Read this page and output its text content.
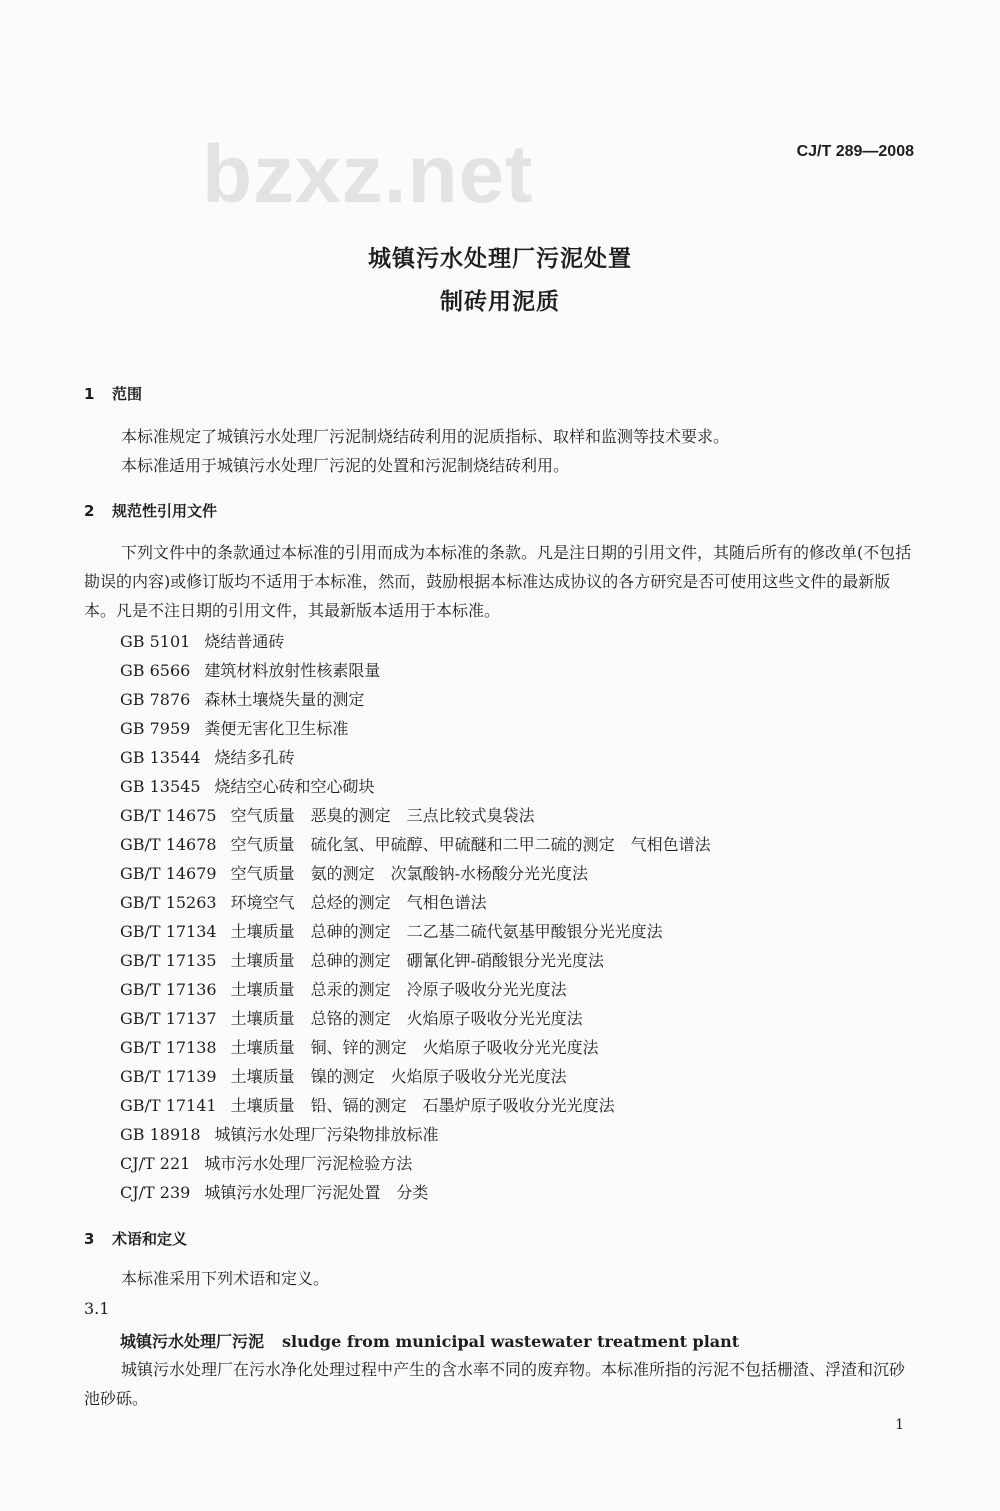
bzxz.net	CJ/T 289—2008
城镇污水处理厂污泥处置
制砖用泥质
1 范围
本标准规定了城镇污水处理厂污泥制烧结砖利用的泥质指标、取样和监测等技术要求。
本标准适用于城镇污水处理厂污泥的处置和污泥制烧结砖利用。
2 规范性引用文件
下列文件中的条款通过本标准的引用而成为本标准的条款。凡是注日期的引用文件，其随后所有的修改单(不包括勘误的内容)或修订版均不适用于本标准，然而，鼓励根据本标准达成协议的各方研究是否可使用这些文件的最新版本。凡是不注日期的引用文件，其最新版本适用于本标准。
GB 5101 烧结普通砖
GB 6566 建筑材料放射性核素限量
GB 7876 森林土壤烧失量的测定
GB 7959 粪便无害化卫生标准
GB 13544 烧结多孔砖
GB 13545 烧结空心砖和空心砌块
GB/T 14675 空气质量　恶臭的测定　三点比较式臭袋法
GB/T 14678 空气质量　硫化氢、甲硫醇、甲硫醚和二甲二硫的测定　气相色谱法
GB/T 14679 空气质量　氨的测定　次氯酸钠-水杨酸分光光度法
GB/T 15263 环境空气　总烃的测定　气相色谱法
GB/T 17134 土壤质量　总砷的测定　二乙基二硫代氨基甲酸银分光光度法
GB/T 17135 土壤质量　总砷的测定　硼氰化钾-硝酸银分光光度法
GB/T 17136 土壤质量　总汞的测定　冷原子吸收分光光度法
GB/T 17137 土壤质量　总铬的测定　火焰原子吸收分光光度法
GB/T 17138 土壤质量　铜、锌的测定　火焰原子吸收分光光度法
GB/T 17139 土壤质量　镍的测定　火焰原子吸收分光光度法
GB/T 17141 土壤质量　铅、镉的测定　石墨炉原子吸收分光光度法
GB 18918 城镇污水处理厂污染物排放标准
CJ/T 221 城市污水处理厂污泥检验方法
CJ/T 239 城镇污水处理厂污泥处置　分类
3 术语和定义
本标准采用下列术语和定义。
3.1
城镇污水处理厂污泥 sludge from municipal wastewater treatment plant
城镇污水处理厂在污水净化处理过程中产生的含水率不同的废弃物。本标准所指的污泥不包括栅渣、浮渣和沉砂池砂砾。
1
